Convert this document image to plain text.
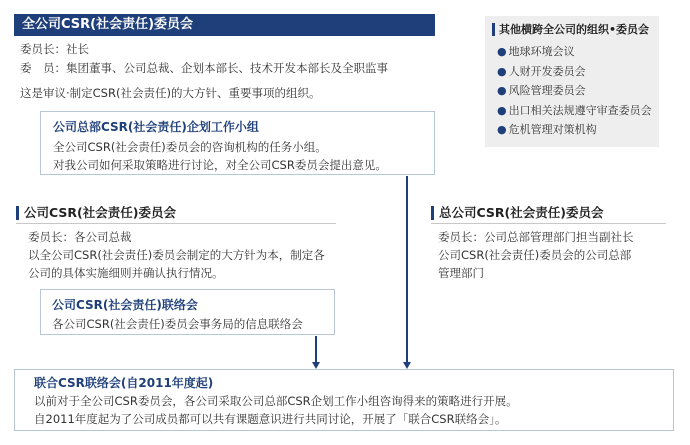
全公司CSR(社会责任)委员会
委员长：社长
委　员：集团董事、公司总裁、企划本部长、技术开发本部长及全职监事
这是审议·制定CSR(社会责任)的大方针、重要事项的组织。
其他横跨全公司的组织•委员会
● 地球环境会议
● 人财开发委员会
● 风险管理委员会
● 出口相关法规遵守审查委员会
● 危机管理对策机构
公司总部CSR(社会责任)企划工作小组
全公司CSR(社会责任)委员会的咨询机构的任务小组。
对我公司如何采取策略进行讨论，对全公司CSR委员会提出意见。
公司CSR(社会责任)委员会
委员长：各公司总裁
以全公司CSR(社会责任)委员会制定的大方针为本，制定各
公司的具体实施细则并确认执行情况。
公司CSR(社会责任)联络会
各公司CSR(社会责任)委员会事务局的信息联络会
总公司CSR(社会责任)委员会
委员长：公司总部管理部门担当副社长
公司CSR(社会责任)委员会的公司总部
管理部门
联合CSR联络会(自2011年度起)
以前对于全公司CSR委员会，各公司采取公司总部CSR企划工作小组咨询得来的策略进行开展。
自2011年度起为了公司成员都可以共有课题意识进行共同讨论，开展了「联合CSR联络会」。
